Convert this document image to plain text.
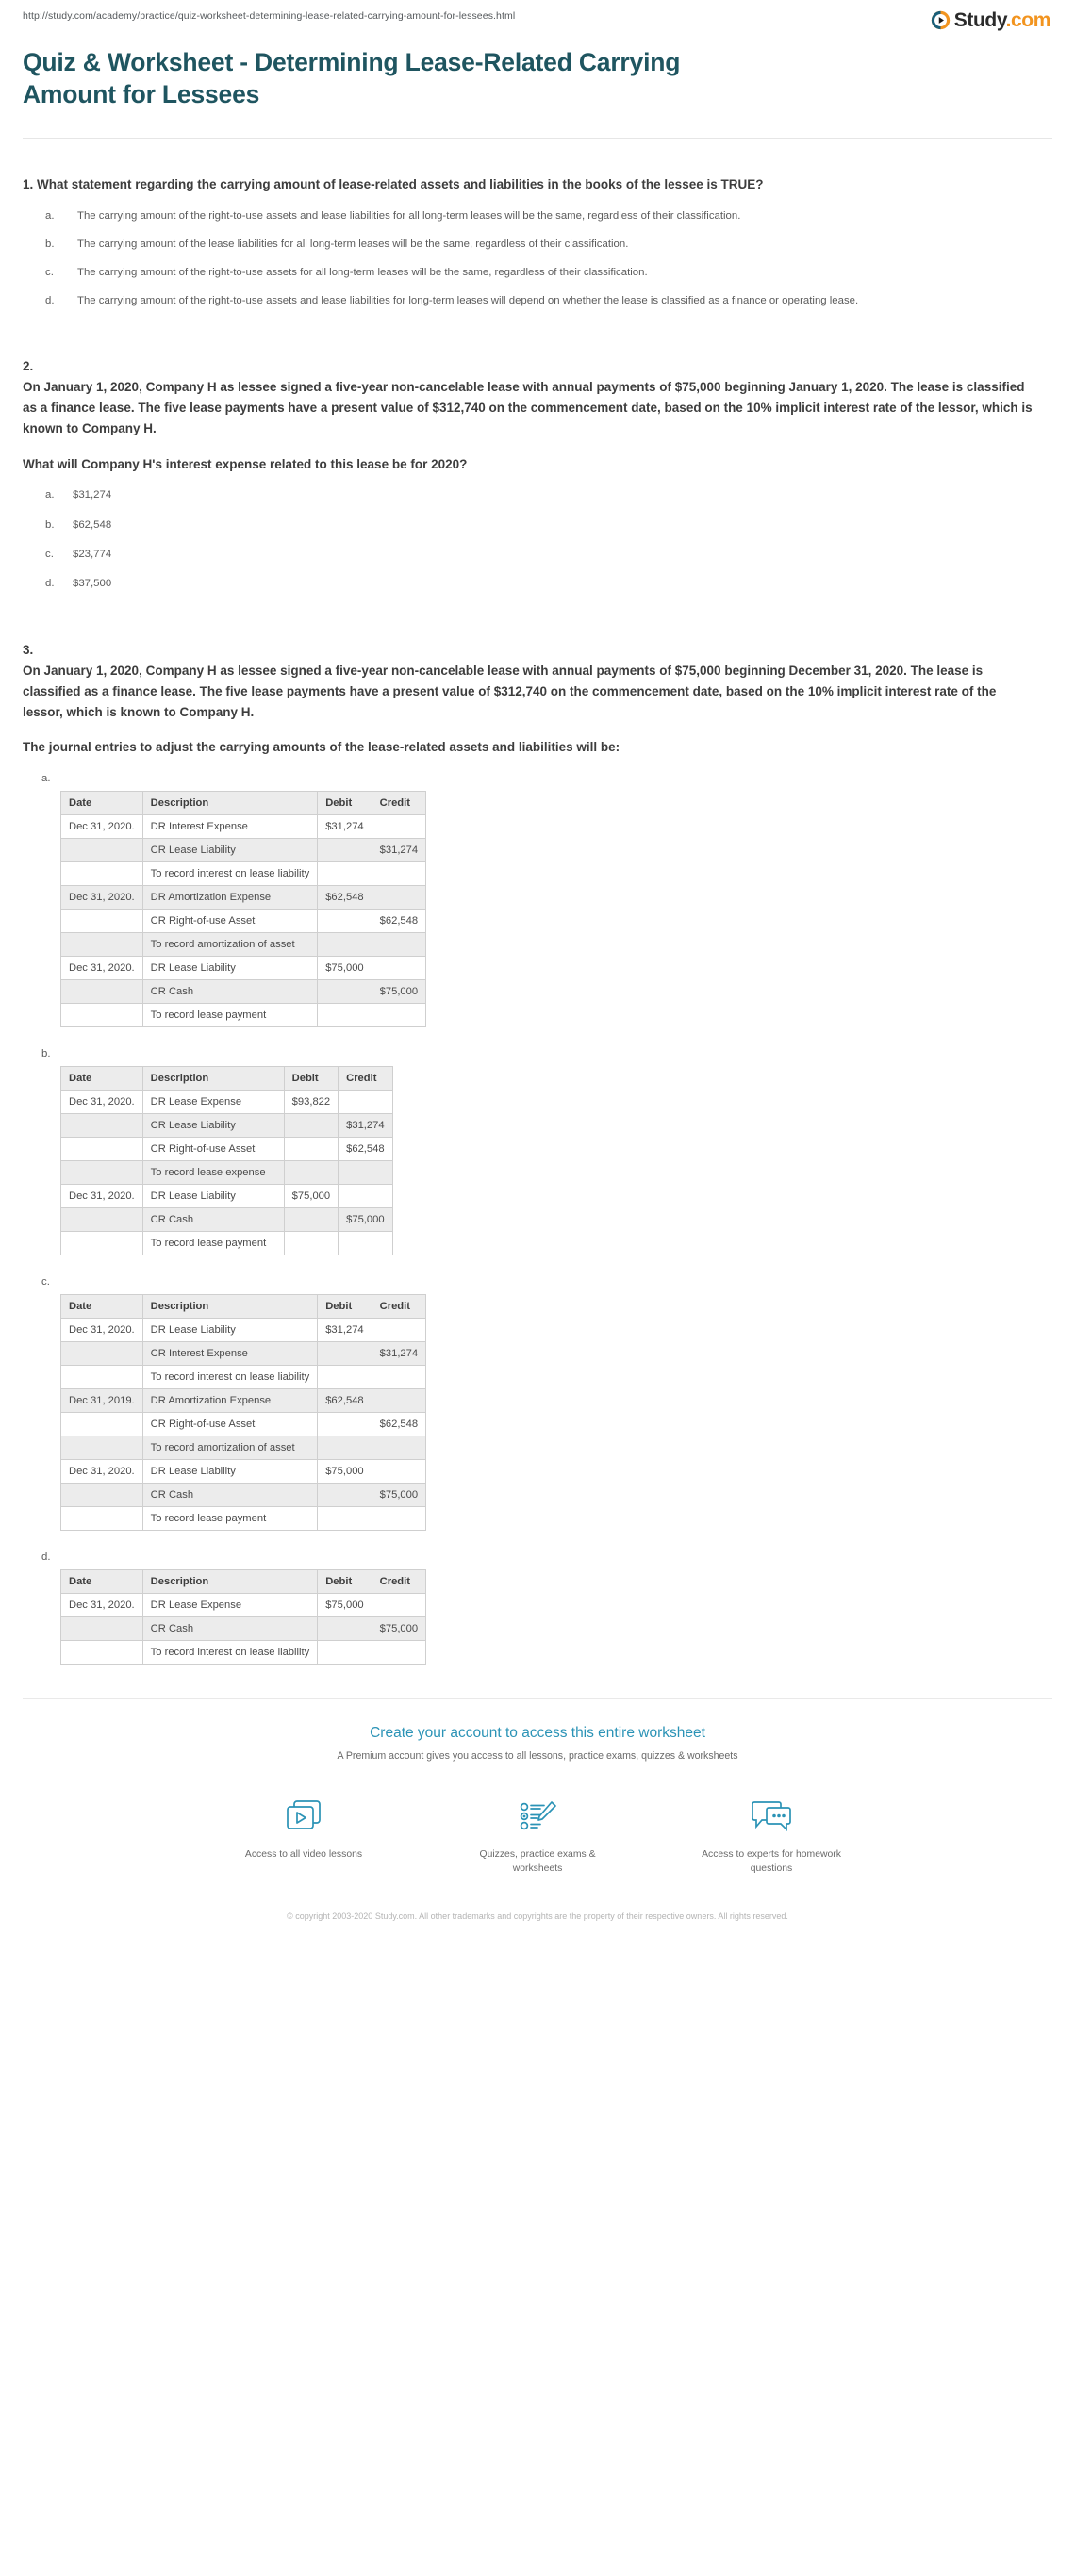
http://study.com/academy/practice/quiz-worksheet-determining-lease-related-carrying-amount-for-lessees.html	Study.com
Quiz & Worksheet - Determining Lease-Related Carrying Amount for Lessees
1. What statement regarding the carrying amount of lease-related assets and liabilities in the books of the lessee is TRUE?
a.	The carrying amount of the right-to-use assets and lease liabilities for all long-term leases will be the same, regardless of their classification.
b.	The carrying amount of the lease liabilities for all long-term leases will be the same, regardless of their classification.
c.	The carrying amount of the right-to-use assets for all long-term leases will be the same, regardless of their classification.
d.	The carrying amount of the right-to-use assets and lease liabilities for long-term leases will depend on whether the lease is classified as a finance or operating lease.
2.
On January 1, 2020, Company H as lessee signed a five-year non-cancelable lease with annual payments of $75,000 beginning January 1, 2020. The lease is classified as a finance lease. The five lease payments have a present value of $312,740 on the commencement date, based on the 10% implicit interest rate of the lessor, which is known to Company H.
What will Company H's interest expense related to this lease be for 2020?
a.	$31,274
b.	$62,548
c.	$23,774
d.	$37,500
3.
On January 1, 2020, Company H as lessee signed a five-year non-cancelable lease with annual payments of $75,000 beginning December 31, 2020. The lease is classified as a finance lease. The five lease payments have a present value of $312,740 on the commencement date, based on the 10% implicit interest rate of the lessor, which is known to Company H.
The journal entries to adjust the carrying amounts of the lease-related assets and liabilities will be:
a.
Date	Description	Debit	Credit
Dec 31, 2020.	DR Interest Expense	$31,274	
	CR Lease Liability		$31,274
	To record interest on lease liability		
Dec 31, 2020.	DR Amortization Expense	$62,548	
	CR Right-of-use Asset		$62,548
	To record amortization of asset		
Dec 31, 2020.	DR Lease Liability	$75,000	
	CR Cash		$75,000
	To record lease payment		
b.
Date	Description	Debit	Credit
Dec 31, 2020.	DR Lease Expense	$93,822	
	CR Lease Liability		$31,274
	CR Right-of-use Asset		$62,548
	To record lease expense		
Dec 31, 2020.	DR Lease Liability	$75,000	
	CR Cash		$75,000
	To record lease payment		
c.
Date	Description	Debit	Credit
Dec 31, 2020.	DR Lease Liability	$31,274	
	CR Interest Expense		$31,274
	To record interest on lease liability		
Dec 31, 2019.	DR Amortization Expense	$62,548	
	CR Right-of-use Asset		$62,548
	To record amortization of asset		
Dec 31, 2020.	DR Lease Liability	$75,000	
	CR Cash		$75,000
	To record lease payment		
d.
Date	Description	Debit	Credit
Dec 31, 2020.	DR Lease Expense	$75,000	
	CR Cash		$75,000
	To record interest on lease liability		
Create your account to access this entire worksheet
A Premium account gives you access to all lessons, practice exams, quizzes & worksheets
Access to all video lessons	Quizzes, practice exams & worksheets
Access to experts for homework questions
© copyright 2003-2020 Study.com. All other trademarks and copyrights are the property of their respective owners. All rights reserved.
